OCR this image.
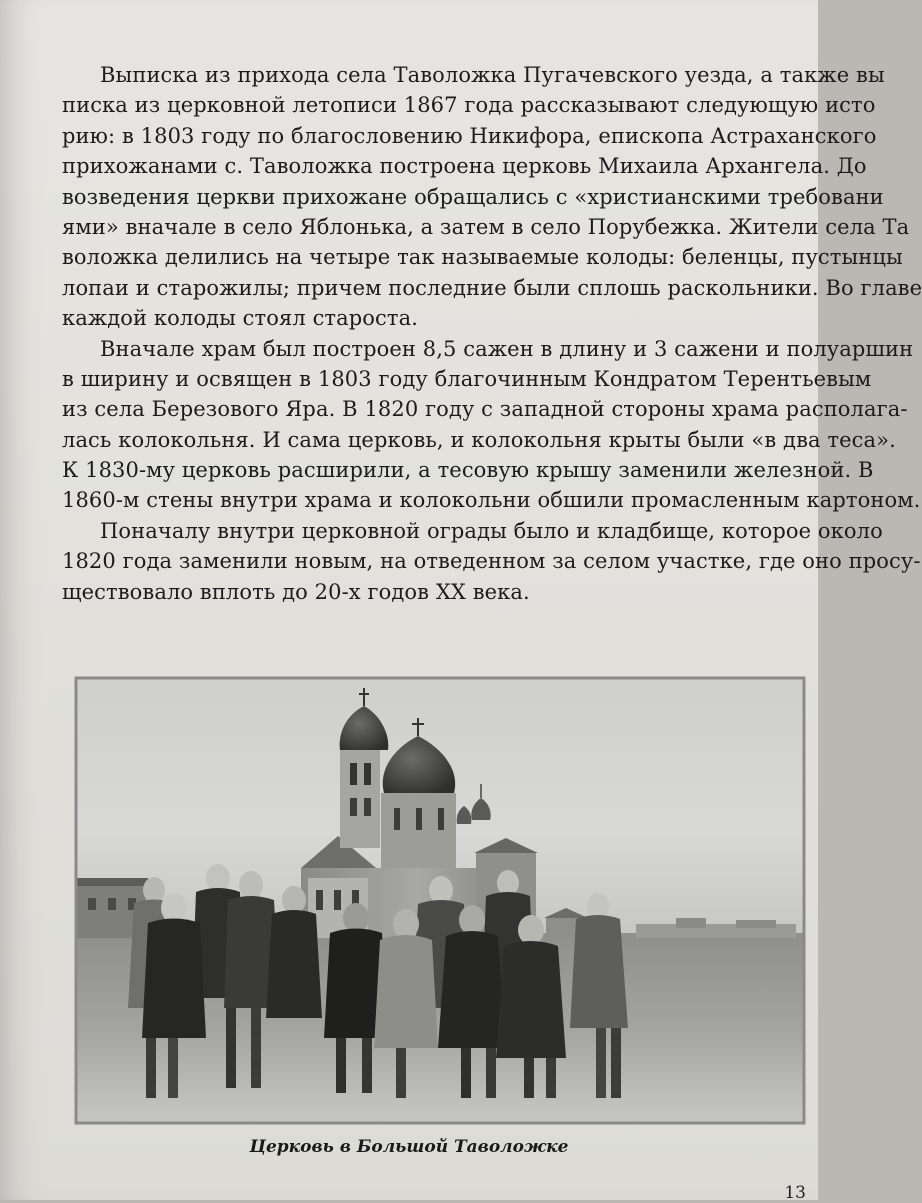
Выписка из прихода села Таволожка Пугачевского уезда, а также вы
писка из церковной летописи 1867 года рассказывают следующую исто
рию: в 1803 году по благословению Никифора, епископа Астраханского
прихожанами с. Таволожка построена церковь Михаила Архангела. До
возведения церкви прихожане обращались с «христианскими требовани
ями» вначале в село Яблонька, а затем в село Порубежка. Жители села Та
воложка делились на четыре так называемые колоды: беленцы, пустынцы
лопаи и старожилы; причем последние были сплошь раскольники. Во главе
каждой колоды стоял староста.
Вначале храм был построен 8,5 сажен в длину и 3 сажени и полуаршин
в ширину и освящен в 1803 году благочинным Кондратом Терентьевым
из села Березового Яра. В 1820 году с западной стороны храма располага-
лась колокольня. И сама церковь, и колокольня крыты были «в два теса».
К 1830-му церковь расширили, а тесовую крышу заменили железной. В
1860-м стены внутри храма и колокольни обшили промасленным картоном.
Поначалу внутри церковной ограды было и кладбище, которое около
1820 года заменили новым, на отведенном за селом участке, где оно просу-
ществовало вплоть до 20-х годов XX века.
Церковь в Большой Таволожке
13
